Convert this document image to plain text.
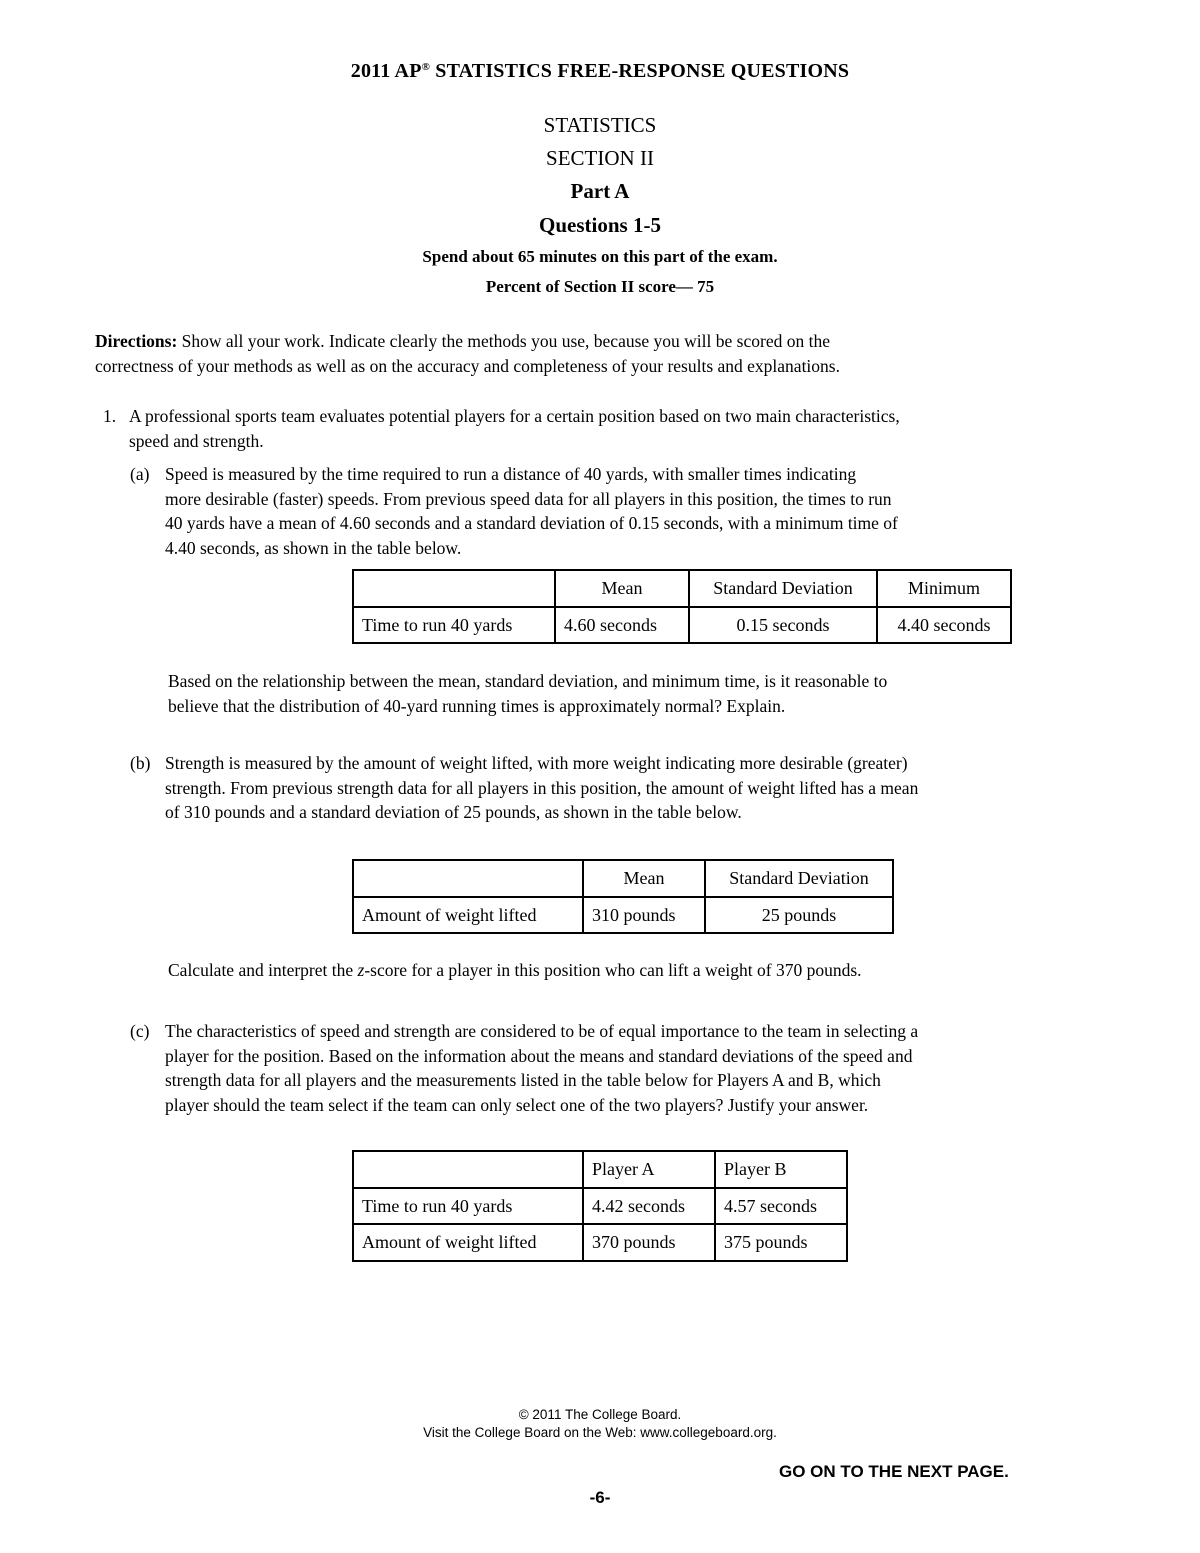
2011 AP® STATISTICS FREE-RESPONSE QUESTIONS
STATISTICS
SECTION II
Part A
Questions 1-5
Spend about 65 minutes on this part of the exam.
Percent of Section II score— 75
Directions: Show all your work. Indicate clearly the methods you use, because you will be scored on the
correctness of your methods as well as on the accuracy and completeness of your results and explanations.
1. A professional sports team evaluates potential players for a certain position based on two main characteristics,
speed and strength.
(a) Speed is measured by the time required to run a distance of 40 yards, with smaller times indicating
more desirable (faster) speeds. From previous speed data for all players in this position, the times to run
40 yards have a mean of 4.60 seconds and a standard deviation of 0.15 seconds, with a minimum time of
4.40 seconds, as shown in the table below.
	Mean	Standard Deviation	Minimum
Time to run 40 yards	4.60 seconds	0.15 seconds	4.40 seconds
Based on the relationship between the mean, standard deviation, and minimum time, is it reasonable to
believe that the distribution of 40-yard running times is approximately normal? Explain.
(b) Strength is measured by the amount of weight lifted, with more weight indicating more desirable (greater)
strength. From previous strength data for all players in this position, the amount of weight lifted has a mean
of 310 pounds and a standard deviation of 25 pounds, as shown in the table below.
	Mean	Standard Deviation
Amount of weight lifted	310 pounds	25 pounds
Calculate and interpret the z-score for a player in this position who can lift a weight of 370 pounds.
(c) The characteristics of speed and strength are considered to be of equal importance to the team in selecting a
player for the position. Based on the information about the means and standard deviations of the speed and
strength data for all players and the measurements listed in the table below for Players A and B, which
player should the team select if the team can only select one of the two players? Justify your answer.
	Player A	Player B
Time to run 40 yards	4.42 seconds	4.57 seconds
Amount of weight lifted	370 pounds	375 pounds
© 2011 The College Board.
Visit the College Board on the Web: www.collegeboard.org.
GO ON TO THE NEXT PAGE.
-6-
